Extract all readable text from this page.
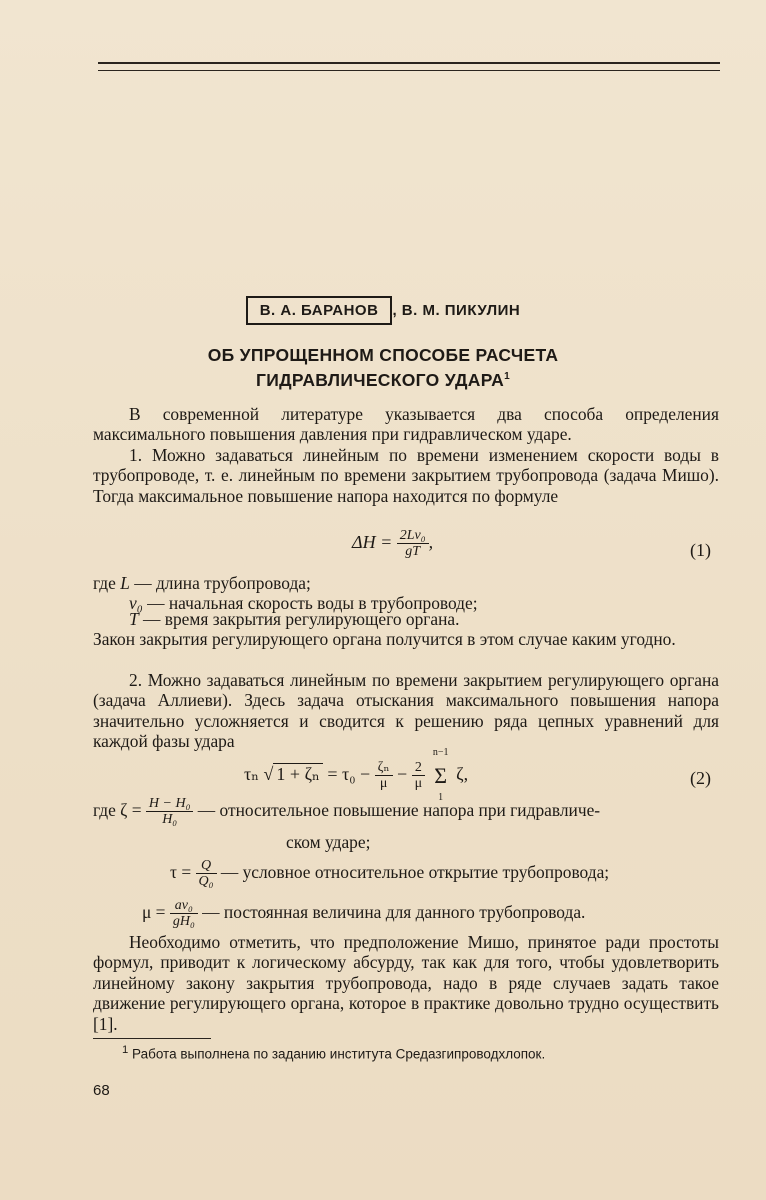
В. А. БАРАНОВ , В. М. ПИКУЛИН
ОБ УПРОЩЕННОМ СПОСОБЕ РАСЧЕТА
ГИДРАВЛИЧЕСКОГО УДАРА$^1$
В современной литературе указывается два способа определения максимального повышения давления при гидравлическом ударе.
1. Можно задаваться линейным по времени изменением скорости воды в трубопроводе, т. е. линейным по времени закрытием трубопровода (задача Мишо). Тогда максимальное повышение напора находится по формуле
$\Delta H = \frac{\text{2Lv₀}}{gT}$ ,	(1)
где L — длина трубопровода;
v₀ — начальная скорость воды в трубопроводе;
T — время закрытия регулирующего органа.
Закон закрытия регулирующего органа получится в этом случае каким угодно.
2. Можно задаваться линейным по времени закрытием регулирующего органа (задача Аллиеви). Здесь задача отыскания максимального повышения напора значительно усложняется и сводится к решению ряда цепных уравнений для каждой фазы удара
τₙ √ $1 + \zeta_n = \tau_0 - \frac{\text{ζₙ}}{\mu} - \frac{2}{\mu}$

n−1
Σ
1
ζ,	(2)
где $\zeta = \frac{\text{H − H₀}}{\text{H₀}}$ — относительное повышение напора при гидравличе-
ском ударе;
$\tau = \frac{Q}{\text{Q₀}}$ — условное относительное открытие трубопровода;
$\mu = \frac{\text{av₀}}{\text{gH₀}}$ — постоянная величина для данного трубопровода.
Необходимо отметить, что предположение Мишо, принятое ради простоты формул, приводит к логическому абсурду, так как для того, чтобы удовлетворить линейному закону закрытия трубопровода, надо в ряде случаев задать такое движение регулирующего органа, которое в практике довольно трудно осуществить [1].
$^1$ Работа выполнена по заданию института Средазгипроводхлопок.
68
